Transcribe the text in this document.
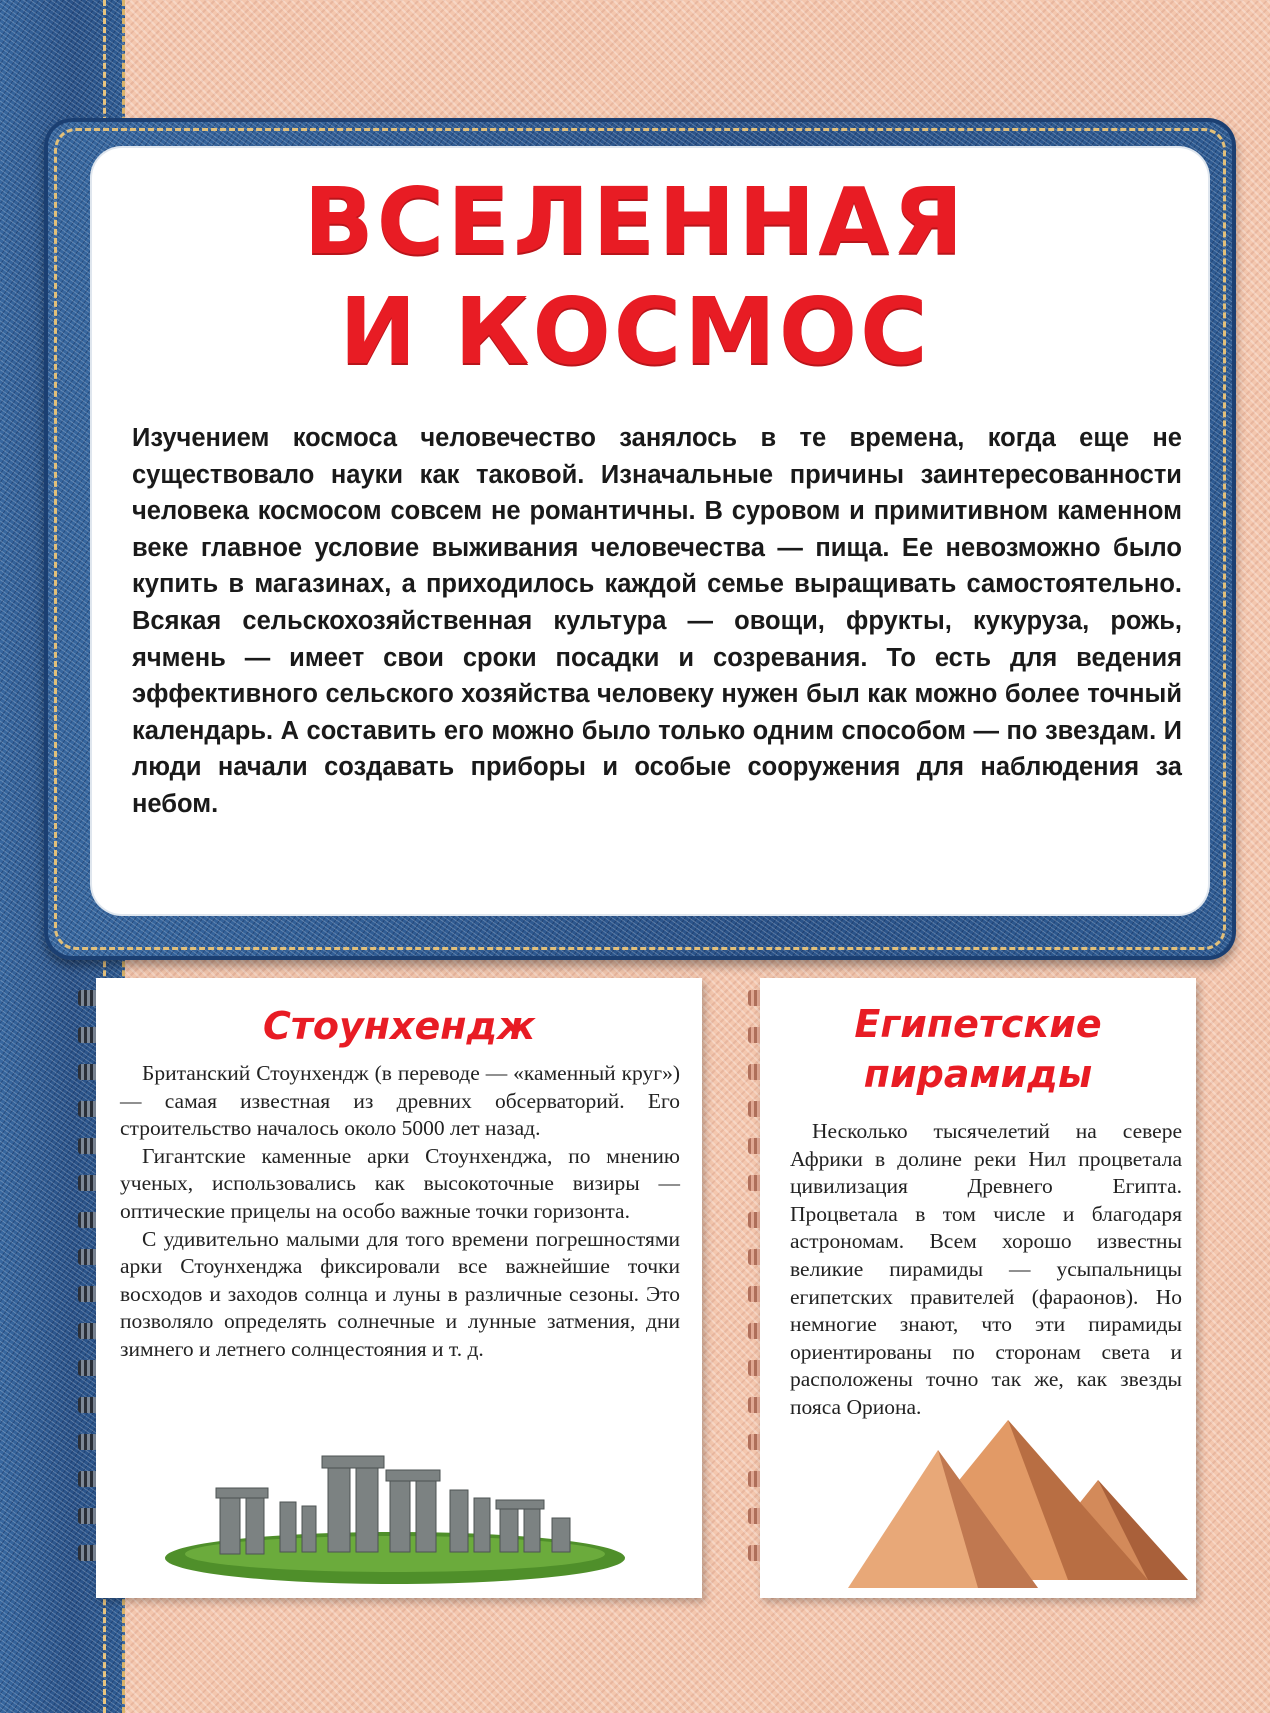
ВСЕЛЕННАЯ
И КОСМОС

Изучением космоса человечество занялось в те времена, когда еще не существовало науки как таковой. Изначальные причины заинтересованности человека космосом совсем не романтичны. В суровом и примитивном каменном веке главное условие выживания человечества — пища. Ее невозможно было купить в магазинах, а приходилось каждой семье выращивать самостоятельно. Всякая сельскохозяйственная культура — овощи, фрукты, кукуруза, рожь, ячмень — имеет свои сроки посадки и созревания. То есть для ведения эффективного сельского хозяйства человеку нужен был как можно более точный календарь. А составить его можно было только одним способом — по звездам. И люди начали создавать приборы и особые сооружения для наблюдения за небом.

Стоунхендж

Британский Стоунхендж (в переводе — «каменный круг») — самая известная из древних обсерваторий. Его строительство началось около 5000 лет назад.

Гигантские каменные арки Стоунхенджа, по мнению ученых, использовались как высокоточные визиры — оптические прицелы на особо важные точки горизонта.

С удивительно малыми для того времени погрешностями арки Стоунхенджа фиксировали все важнейшие точки восходов и заходов солнца и луны в различные сезоны. Это позволяло определять солнечные и лунные затмения, дни зимнего и летнего солнцестояния и т. д.

Египетские
пирамиды

Несколько тысячелетий на севере Африки в долине реки Нил процветала цивилизация Древнего Египта. Процветала в том числе и благодаря астрономам. Всем хорошо известны великие пирамиды — усыпальницы египетских правителей (фараонов). Но немногие знают, что эти пирамиды ориентированы по сторонам света и расположены точно так же, как звезды пояса Ориона.
